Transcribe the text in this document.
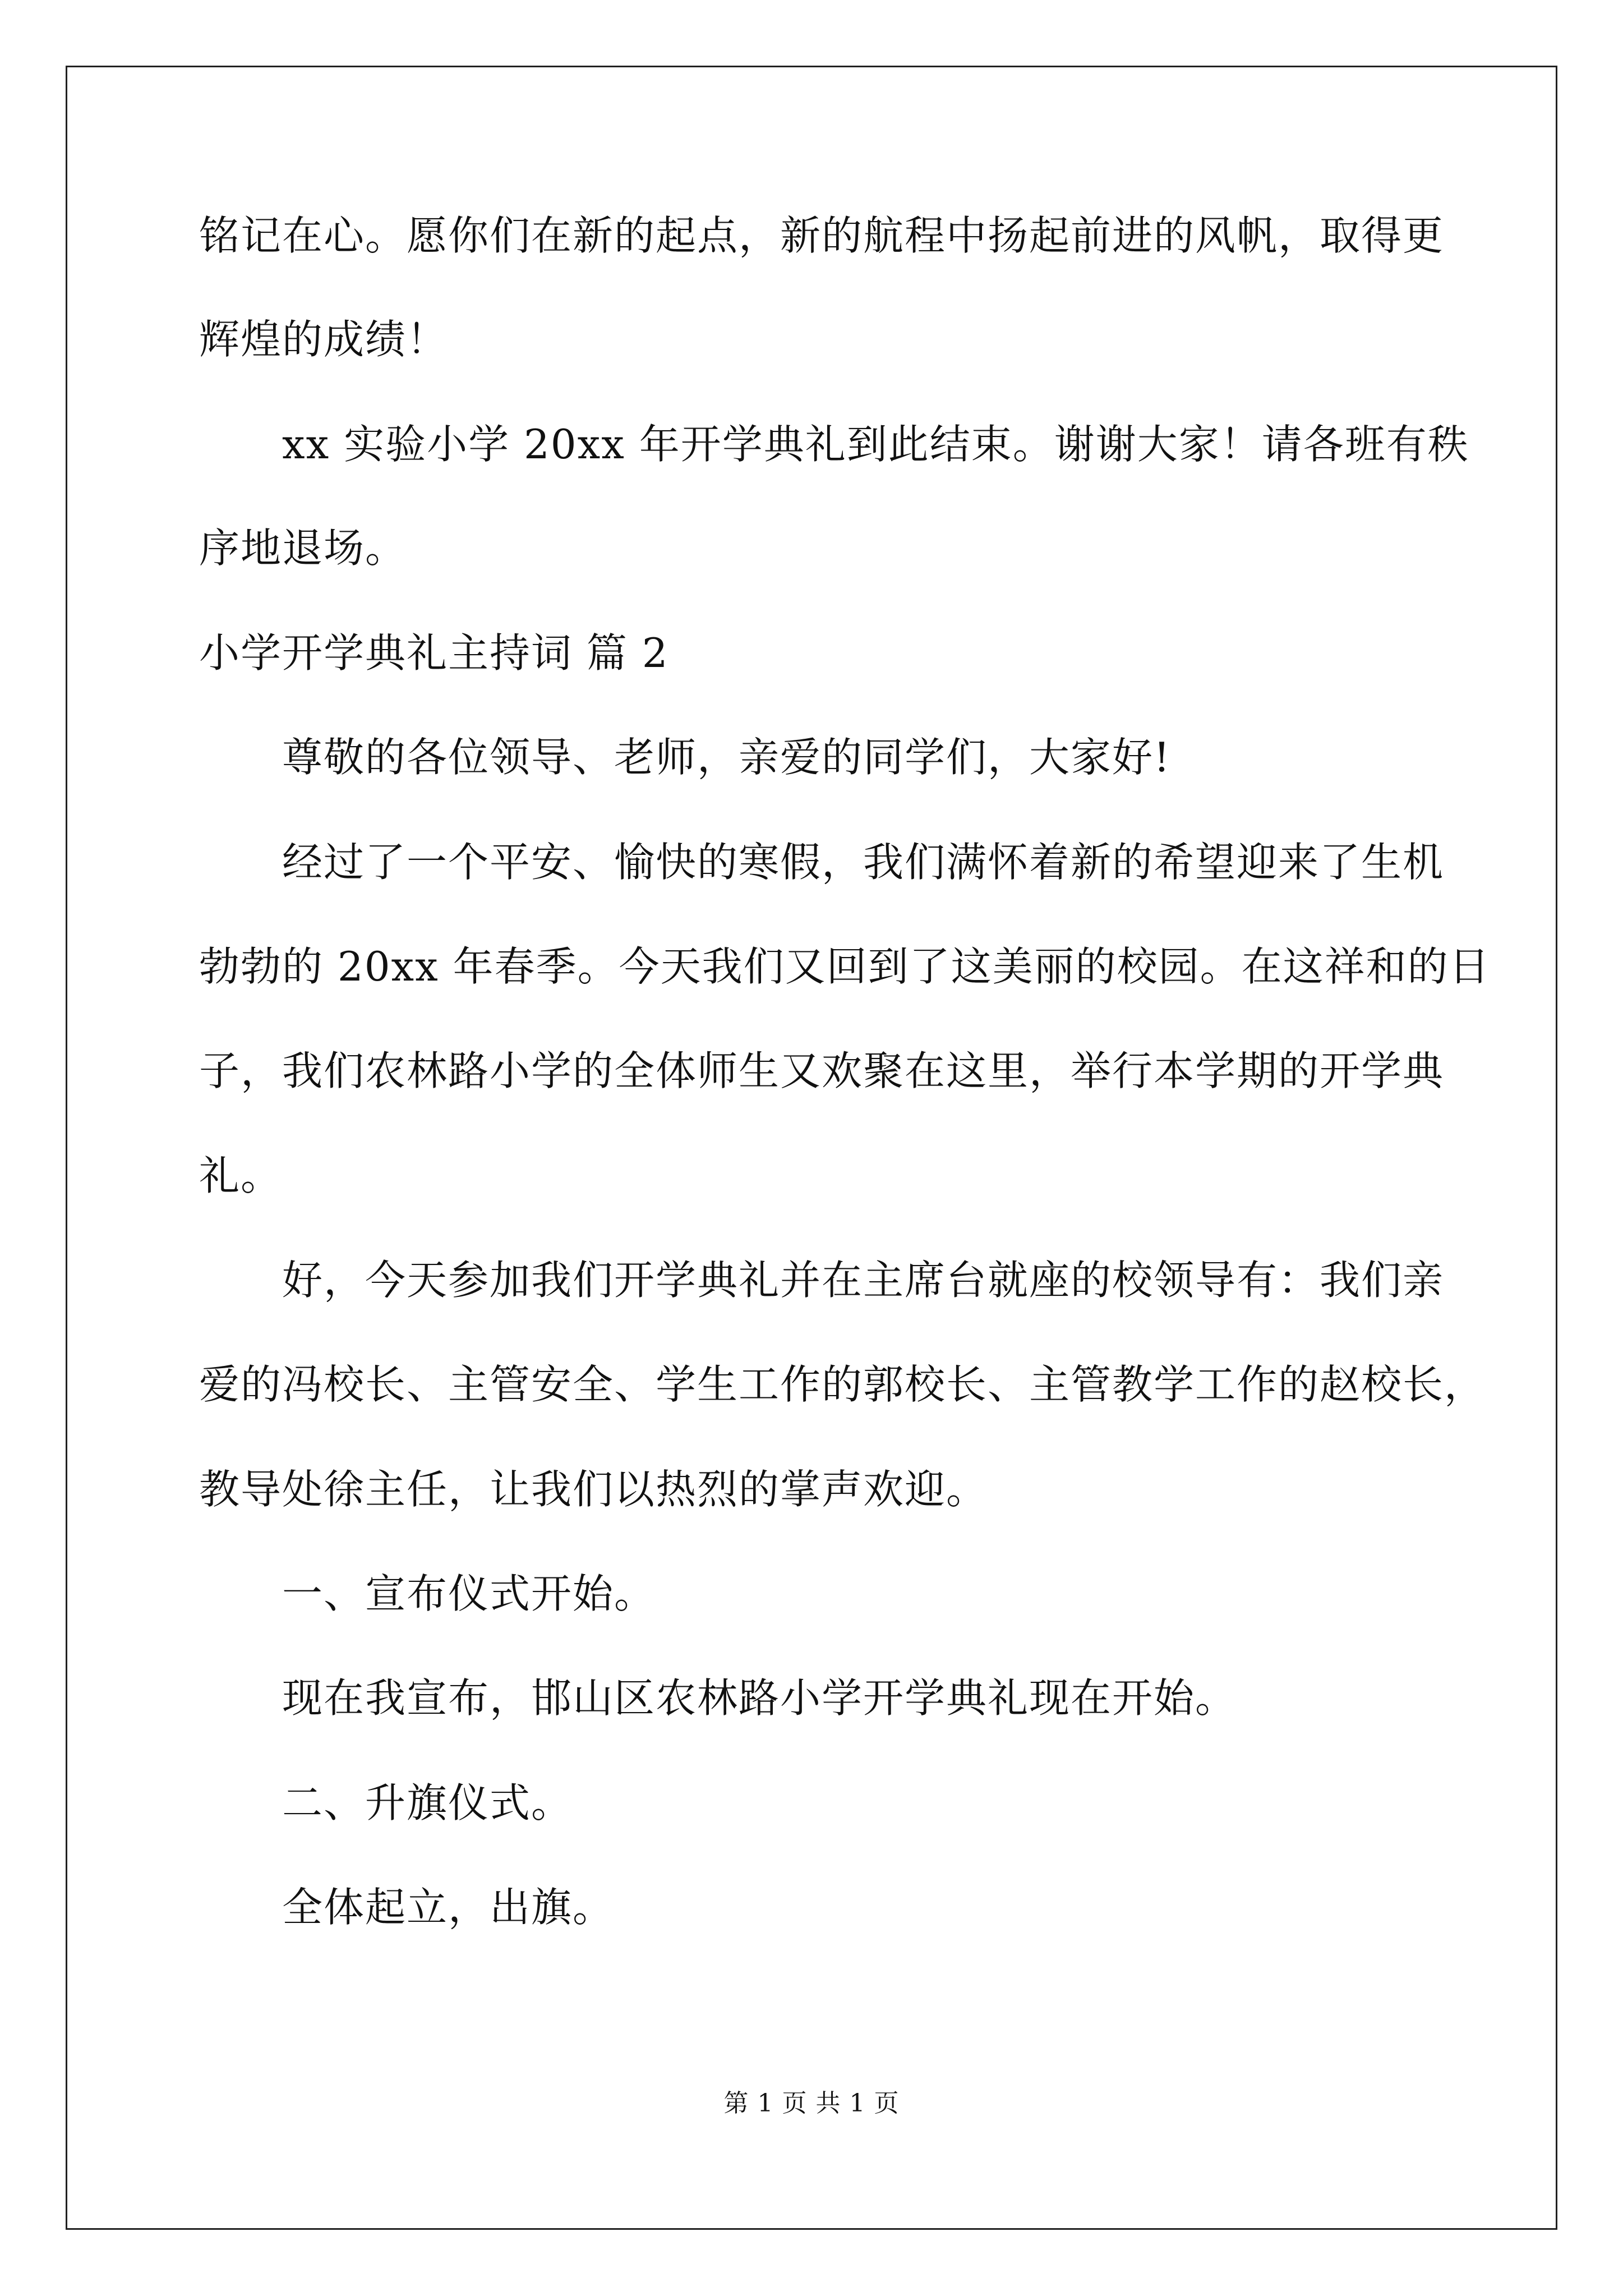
铭记在心。愿你们在新的起点，新的航程中扬起前进的风帆，取得更
辉煌的成绩！
xx 实验小学 20xx 年开学典礼到此结束。谢谢大家！请各班有秩
序地退场。
小学开学典礼主持词 篇 2
尊敬的各位领导、老师，亲爱的同学们，大家好!
经过了一个平安、愉快的寒假，我们满怀着新的希望迎来了生机
勃勃的 20xx 年春季。今天我们又回到了这美丽的校园。在这祥和的日
子，我们农林路小学的全体师生又欢聚在这里，举行本学期的开学典
礼。
好，今天参加我们开学典礼并在主席台就座的校领导有：我们亲
爱的冯校长、主管安全、学生工作的郭校长、主管教学工作的赵校长，
教导处徐主任，让我们以热烈的掌声欢迎。
一、宣布仪式开始。
现在我宣布，邯山区农林路小学开学典礼现在开始。
二、升旗仪式。
全体起立，出旗。
第 1 页 共 1 页
